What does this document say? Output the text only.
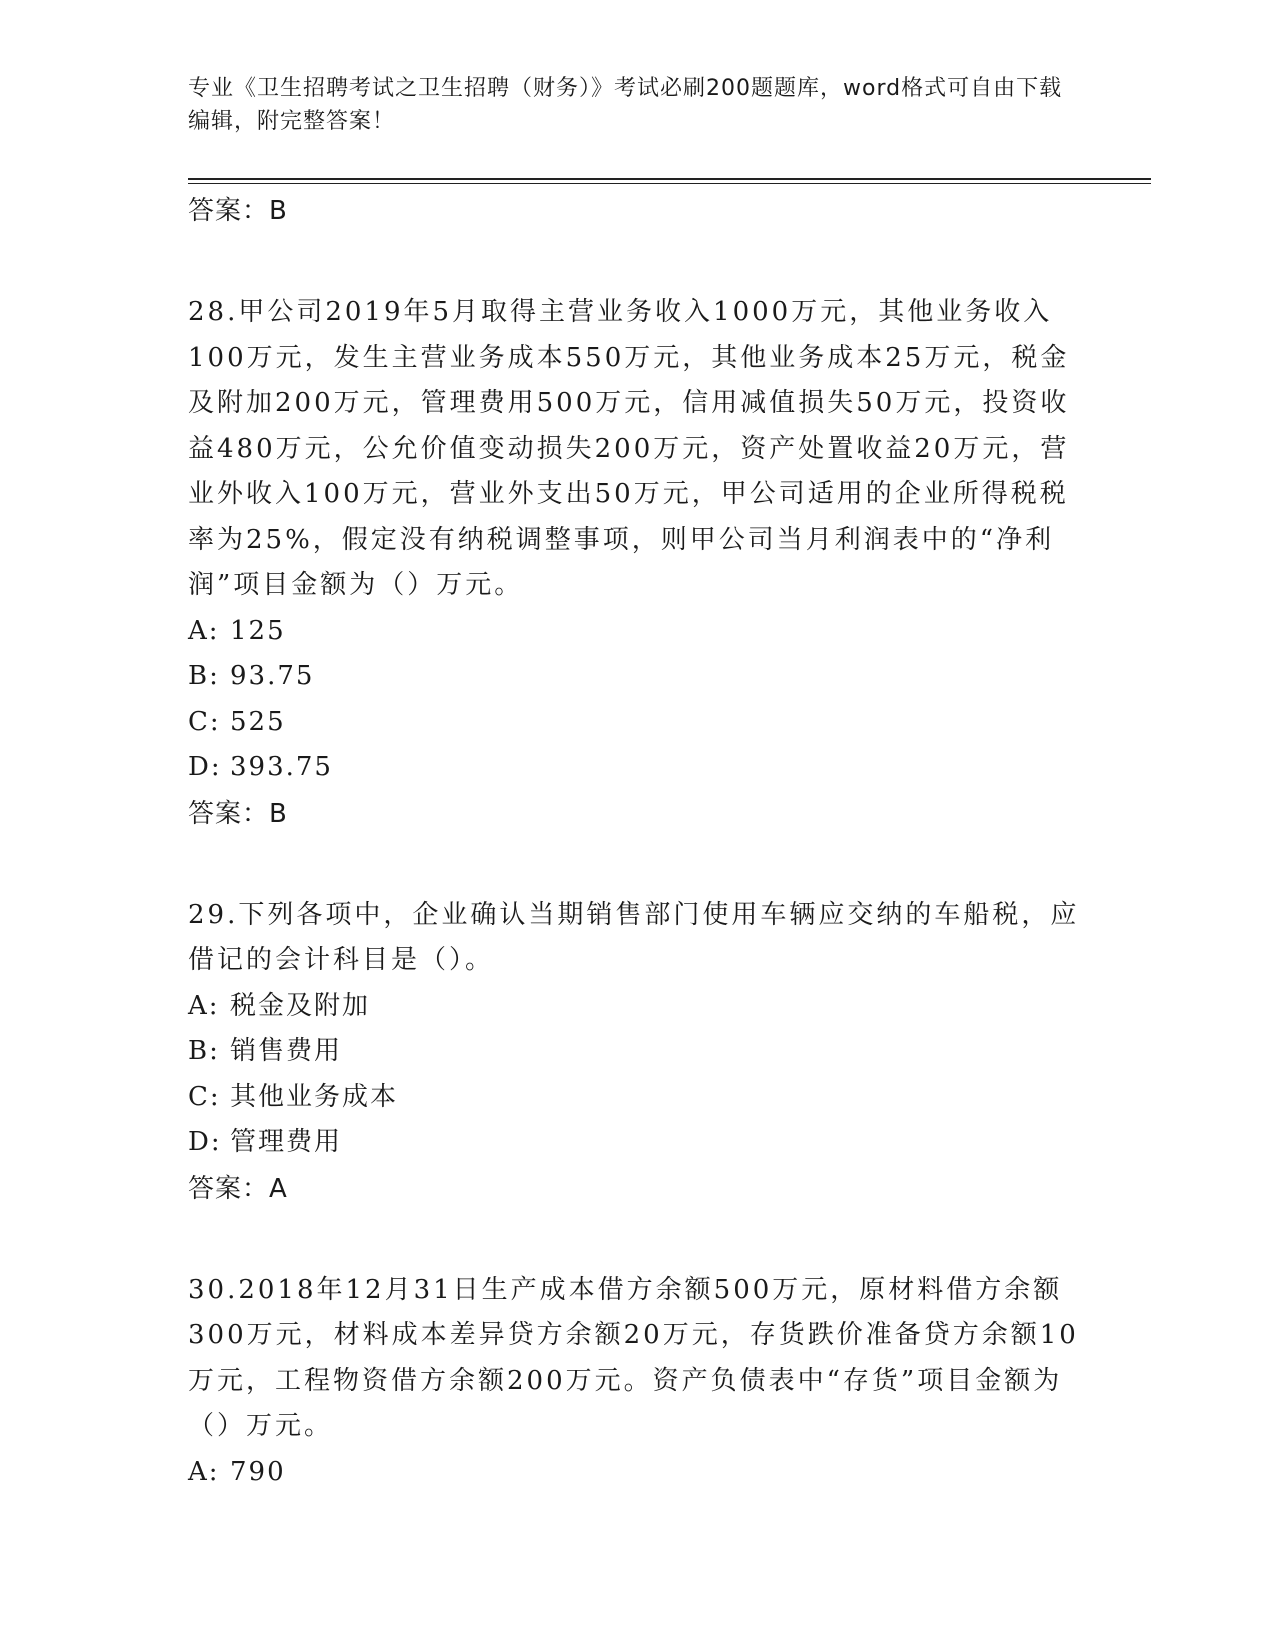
专业《卫生招聘考试之卫生招聘（财务）》考试必刷200题题库，word格式可自由下载编辑，附完整答案！

答案：B

28.甲公司2019年5月取得主营业务收入1000万元，其他业务收入100万元，发生主营业务成本550万元，其他业务成本25万元，税金及附加200万元，管理费用500万元，信用减值损失50万元，投资收益480万元，公允价值变动损失200万元，资产处置收益20万元，营业外收入100万元，营业外支出50万元，甲公司适用的企业所得税税率为25%，假定没有纳税调整事项，则甲公司当月利润表中的“净利润”项目金额为（）万元。

A: 125

B: 93.75

C: 525

D: 393.75

答案：B

29.下列各项中，企业确认当期销售部门使用车辆应交纳的车船税，应借记的会计科目是（）。

A: 税金及附加

B: 销售费用

C: 其他业务成本

D: 管理费用

答案：A

30.2018年12月31日生产成本借方余额500万元，原材料借方余额300万元，材料成本差异贷方余额20万元，存货跌价准备贷方余额10万元，工程物资借方余额200万元。资产负债表中“存货”项目金额为（）万元。

A: 790
